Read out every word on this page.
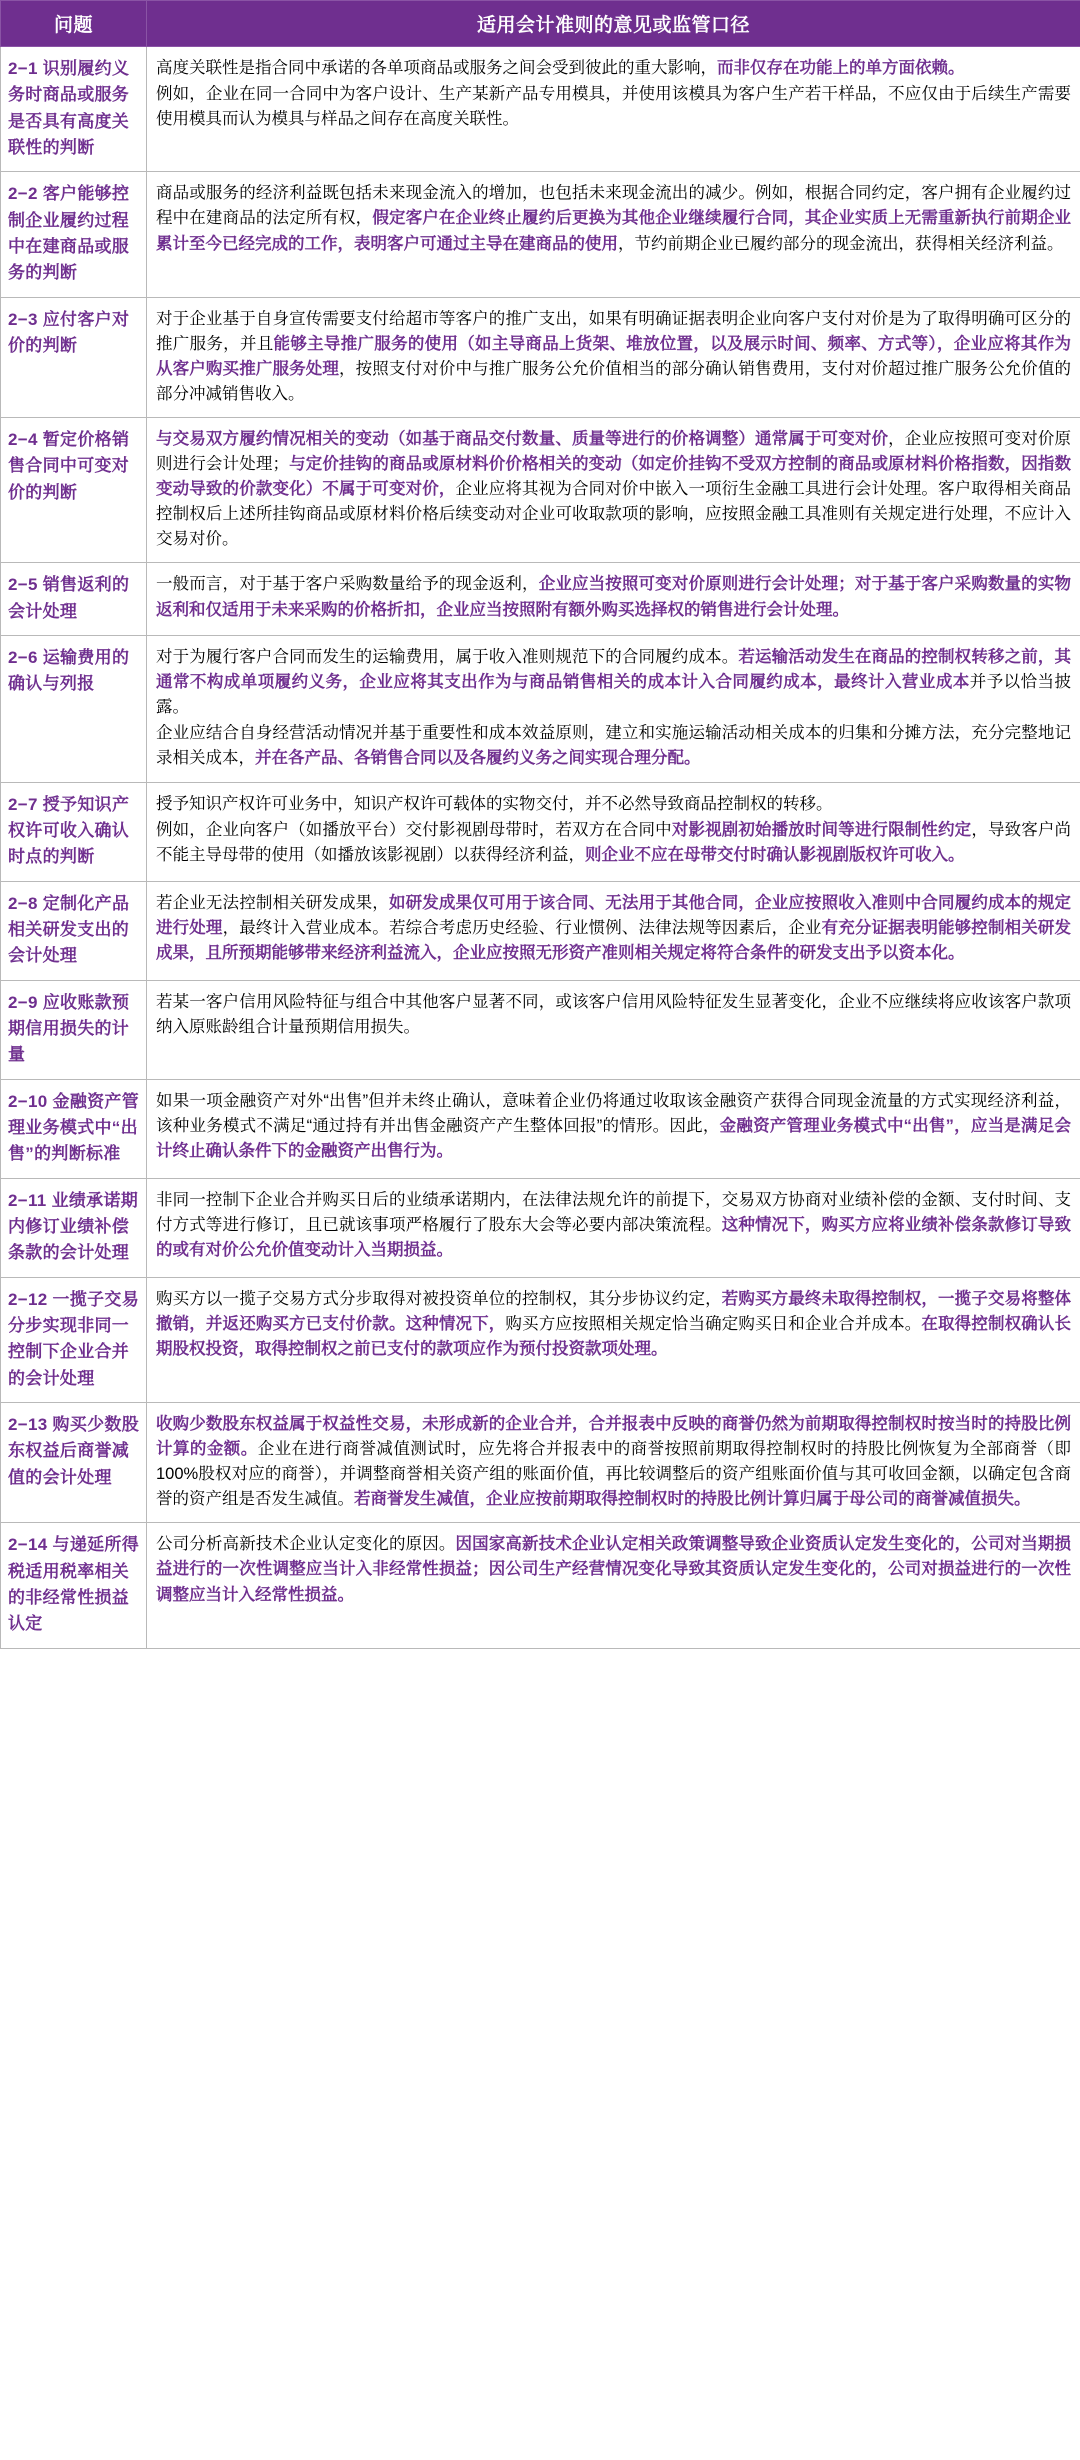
问题	适用会计准则的意见或监管口径
2−1 识别履约义务时商品或服务是否具有高度关联性的判断	高度关联性是指合同中承诺的各单项商品或服务之间会受到彼此的重大影响，而非仅存在功能上的单方面依赖。

例如，企业在同一合同中为客户设计、生产某新产品专用模具，并使用该模具为客户生产若干样品，不应仅由于后续生产需要使用模具而认为模具与样品之间存在高度关联性。

2−2 客户能够控制企业履约过程中在建商品或服务的判断	商品或服务的经济利益既包括未来现金流入的增加，也包括未来现金流出的减少。例如，根据合同约定，客户拥有企业履约过程中在建商品的法定所有权，假定客户在企业终止履约后更换为其他企业继续履行合同，其企业实质上无需重新执行前期企业累计至今已经完成的工作，表明客户可通过主导在建商品的使用，节约前期企业已履约部分的现金流出，获得相关经济利益。

2−3 应付客户对价的判断	对于企业基于自身宣传需要支付给超市等客户的推广支出，如果有明确证据表明企业向客户支付对价是为了取得明确可区分的推广服务，并且能够主导推广服务的使用（如主导商品上货架、堆放位置，以及展示时间、频率、方式等），企业应将其作为从客户购买推广服务处理，按照支付对价中与推广服务公允价值相当的部分确认销售费用，支付对价超过推广服务公允价值的部分冲减销售收入。

2−4 暂定价格销售合同中可变对价的判断	与交易双方履约情况相关的变动（如基于商品交付数量、质量等进行的价格调整）通常属于可变对价，企业应按照可变对价原则进行会计处理；与定价挂钩的商品或原材料价价格相关的变动（如定价挂钩不受双方控制的商品或原材料价格指数，因指数变动导致的价款变化）不属于可变对价，企业应将其视为合同对价中嵌入一项衍生金融工具进行会计处理。客户取得相关商品控制权后上述所挂钩商品或原材料价格后续变动对企业可收取款项的影响，应按照金融工具准则有关规定进行处理，不应计入交易对价。

2−5 销售返利的会计处理	一般而言，对于基于客户采购数量给予的现金返利，企业应当按照可变对价原则进行会计处理；对于基于客户采购数量的实物返利和仅适用于未来采购的价格折扣，企业应当按照附有额外购买选择权的销售进行会计处理。

2−6 运输费用的确认与列报	对于为履行客户合同而发生的运输费用，属于收入准则规范下的合同履约成本。若运输活动发生在商品的控制权转移之前，其通常不构成单项履约义务，企业应将其支出作为与商品销售相关的成本计入合同履约成本，最终计入营业成本并予以恰当披露。

企业应结合自身经营活动情况并基于重要性和成本效益原则，建立和实施运输活动相关成本的归集和分摊方法，充分完整地记录相关成本，并在各产品、各销售合同以及各履约义务之间实现合理分配。

2−7 授予知识产权许可收入确认时点的判断	授予知识产权许可业务中，知识产权许可载体的实物交付，并不必然导致商品控制权的转移。

例如，企业向客户（如播放平台）交付影视剧母带时，若双方在合同中对影视剧初始播放时间等进行限制性约定，导致客户尚不能主导母带的使用（如播放该影视剧）以获得经济利益，则企业不应在母带交付时确认影视剧版权许可收入。

2−8 定制化产品相关研发支出的会计处理	若企业无法控制相关研发成果，如研发成果仅可用于该合同、无法用于其他合同，企业应按照收入准则中合同履约成本的规定进行处理，最终计入营业成本。若综合考虑历史经验、行业惯例、法律法规等因素后，企业有充分证据表明能够控制相关研发成果，且所预期能够带来经济利益流入，企业应按照无形资产准则相关规定将符合条件的研发支出予以资本化。

2−9 应收账款预期信用损失的计量	若某一客户信用风险特征与组合中其他客户显著不同，或该客户信用风险特征发生显著变化，企业不应继续将应收该客户款项纳入原账龄组合计量预期信用损失。

2−10 金融资产管理业务模式中“出售”的判断标准	如果一项金融资产对外“出售”但并未终止确认，意味着企业仍将通过收取该金融资产获得合同现金流量的方式实现经济利益，该种业务模式不满足“通过持有并出售金融资产产生整体回报”的情形。因此，金融资产管理业务模式中“出售”，应当是满足会计终止确认条件下的金融资产出售行为。

2−11 业绩承诺期内修订业绩补偿条款的会计处理	非同一控制下企业合并购买日后的业绩承诺期内，在法律法规允许的前提下，交易双方协商对业绩补偿的金额、支付时间、支付方式等进行修订，且已就该事项严格履行了股东大会等必要内部决策流程。这种情况下，购买方应将业绩补偿条款修订导致的或有对价公允价值变动计入当期损益。

2−12 一揽子交易分步实现非同一控制下企业合并的会计处理	购买方以一揽子交易方式分步取得对被投资单位的控制权，其分步协议约定，若购买方最终未取得控制权，一揽子交易将整体撤销，并返还购买方已支付价款。这种情况下，购买方应按照相关规定恰当确定购买日和企业合并成本。在取得控制权确认长期股权投资，取得控制权之前已支付的款项应作为预付投资款项处理。

2−13 购买少数股东权益后商誉减值的会计处理	收购少数股东权益属于权益性交易，未形成新的企业合并，合并报表中反映的商誉仍然为前期取得控制权时按当时的持股比例计算的金额。企业在进行商誉减值测试时，应先将合并报表中的商誉按照前期取得控制权时的持股比例恢复为全部商誉（即100%股权对应的商誉），并调整商誉相关资产组的账面价值，再比较调整后的资产组账面价值与其可收回金额，以确定包含商誉的资产组是否发生减值。若商誉发生减值，企业应按前期取得控制权时的持股比例计算归属于母公司的商誉减值损失。

2−14 与递延所得税适用税率相关的非经常性损益认定	公司分析高新技术企业认定变化的原因。因国家高新技术企业认定相关政策调整导致企业资质认定发生变化的，公司对当期损益进行的一次性调整应当计入非经常性损益；因公司生产经营情况变化导致其资质认定发生变化的，公司对损益进行的一次性调整应当计入经常性损益。
